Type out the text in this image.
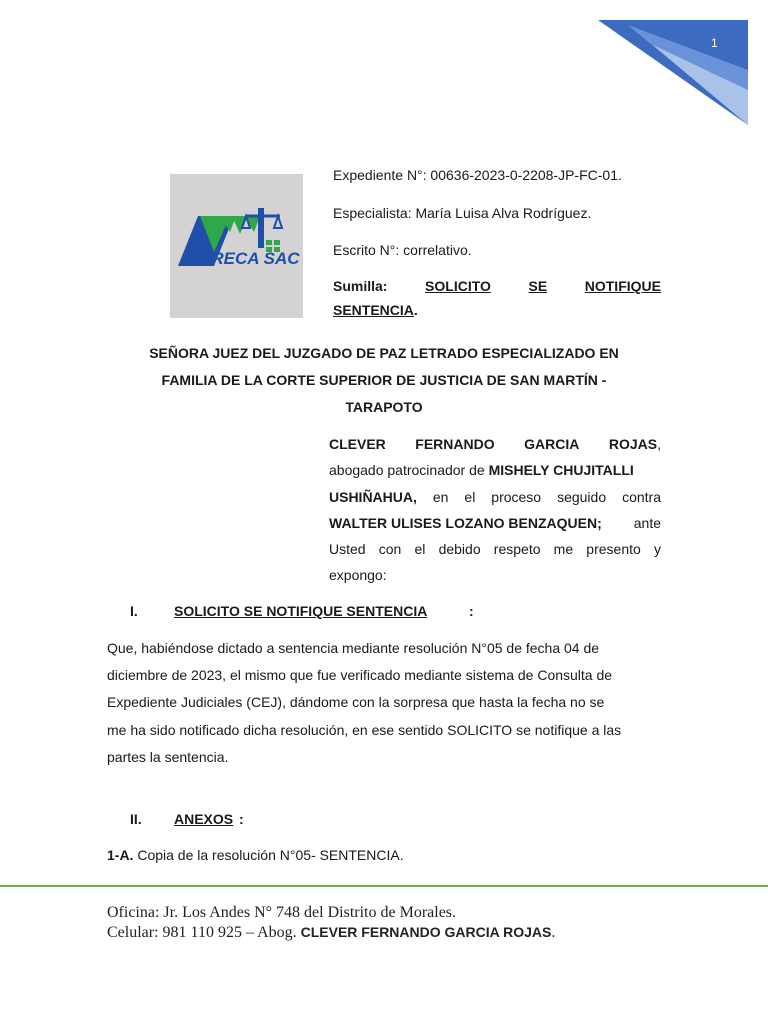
1
PRECA SAC
Expediente N°: 00636-2023-0-2208-JP-FC-01.
Especialista: María Luisa Alva Rodríguez.
Escrito N°: correlativo.
Sumilla:	SOLICITO	SE	NOTIFIQUE
SENTENCIA.
SEÑORA JUEZ DEL JUZGADO DE PAZ LETRADO ESPECIALIZADO EN
FAMILIA DE LA CORTE SUPERIOR DE JUSTICIA DE SAN MARTÍN -
TARAPOTO
CLEVER FERNANDO GARCIA ROJAS,
abogado patrocinador de MISHELY CHUJITALLI
USHIÑAHUA, en el proceso seguido contra
WALTER ULISES LOZANO BENZAQUEN; ante
Usted con el debido respeto me presento y
expongo:
I.	SOLICITO SE NOTIFIQUE SENTENCIA	:
Que, habiéndose dictado a sentencia mediante resolución N°05 de fecha 04 de
diciembre de 2023, el mismo que fue verificado mediante sistema de Consulta de
Expediente Judiciales (CEJ), dándome con la sorpresa que hasta la fecha no se
me ha sido notificado dicha resolución, en ese sentido SOLICITO se notifique a las
partes la sentencia.
II. ANEXOS :
1-A. Copia de la resolución N°05- SENTENCIA.
Oficina: Jr. Los Andes N° 748 del Distrito de Morales.
Celular: 981 110 925 – Abog. CLEVER FERNANDO GARCIA ROJAS.
